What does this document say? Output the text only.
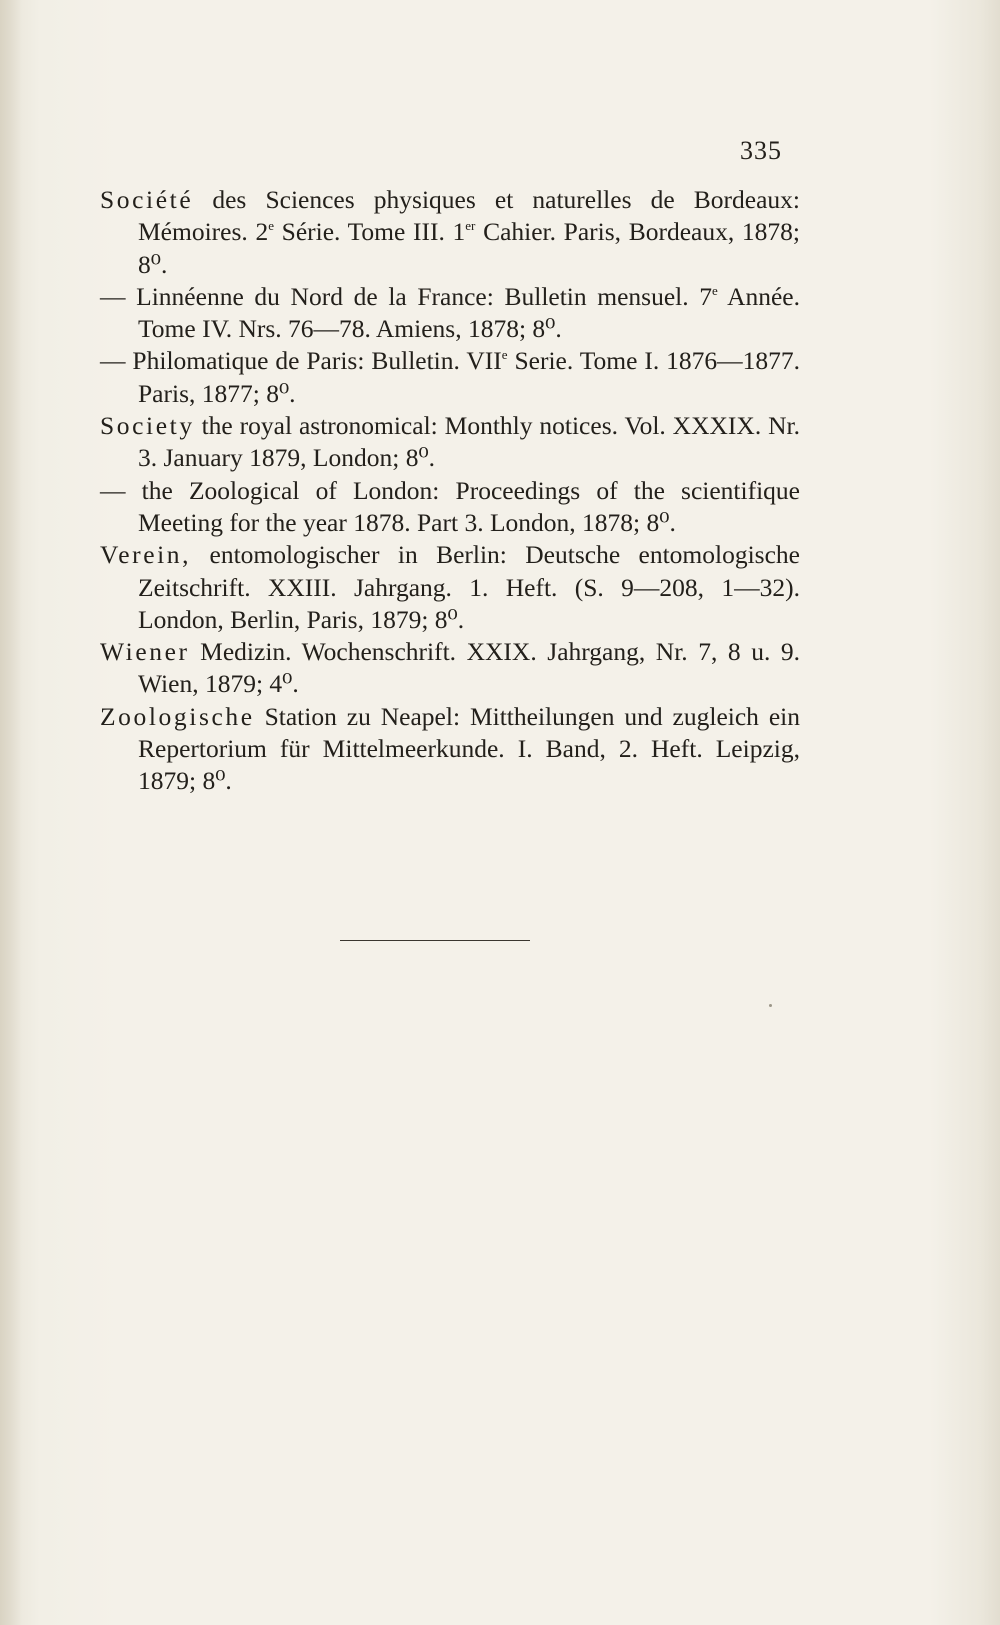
335

Société des Sciences physiques et naturelles de Bordeaux: Mémoires. 2e Série. Tome III. 1er Cahier. Paris, Bordeaux, 1878; 8⁰.

— Linnéenne du Nord de la France: Bulletin mensuel. 7e Année. Tome IV. Nrs. 76—78. Amiens, 1878; 8⁰.

— Philomatique de Paris: Bulletin. VIIe Serie. Tome I. 1876—1877. Paris, 1877; 8⁰.

Society the royal astronomical: Monthly notices. Vol. XXXIX. Nr. 3. January 1879, London; 8⁰.

— the Zoological of London: Proceedings of the scientifique Meeting for the year 1878. Part 3. London, 1878; 8⁰.

Verein, entomologischer in Berlin: Deutsche entomologische Zeitschrift. XXIII. Jahrgang. 1. Heft. (S. 9—208, 1—32). London, Berlin, Paris, 1879; 8⁰.

Wiener Medizin. Wochenschrift. XXIX. Jahrgang, Nr. 7, 8 u. 9. Wien, 1879; 4⁰.

Zoologische Station zu Neapel: Mittheilungen und zugleich ein Repertorium für Mittelmeerkunde. I. Band, 2. Heft. Leipzig, 1879; 8⁰.
